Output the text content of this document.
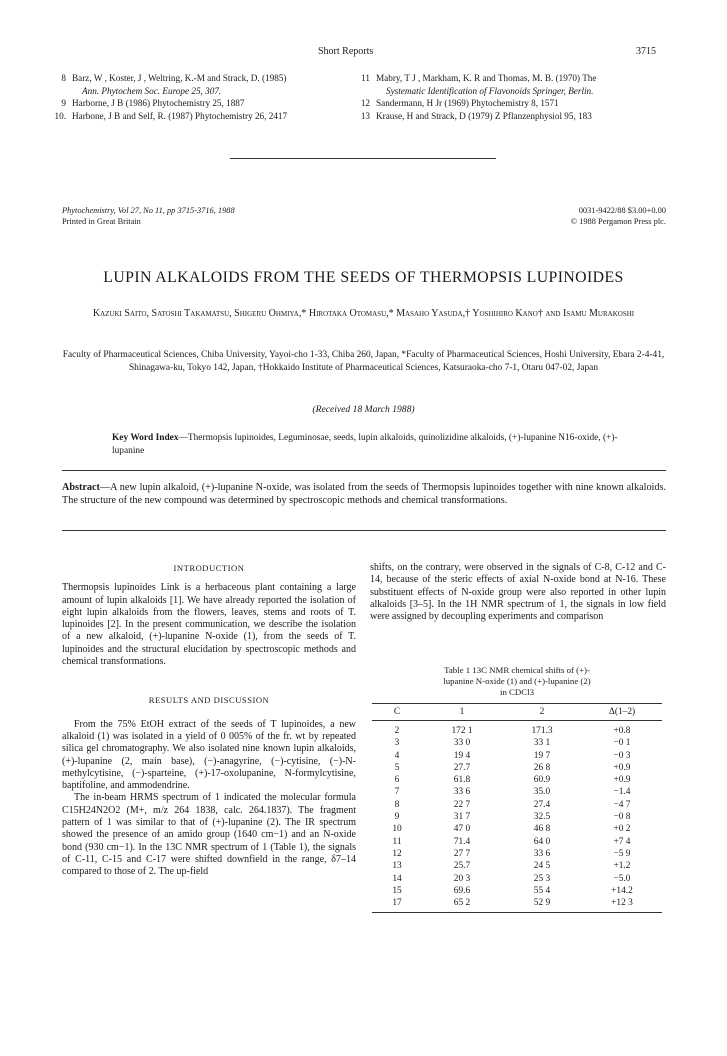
Short Reports	3715
8 Barz, W , Koster, J , Weltring, K.-M and Strack, D. (1985)
Ann. Phytochem Soc. Europe 25, 307.
9 Harborne, J B (1986) Phytochemistry 25, 1887
10. Harbone, J B and Self, R. (1987) Phytochemistry 26, 2417
11 Mabry, T J , Markham, K. R and Thomas, M. B. (1970) The
Systematic Identification of Flavonoids Springer, Berlin.
12 Sandermann, H Jr (1969) Phytochemistry 8, 1571
13 Krause, H and Strack, D (1979) Z Pflanzenphysiol 95, 183
Phytochemistry, Vol 27, No 11, pp 3715-3716, 1988
Printed in Great Britain
0031-9422/88 $3.00+0.00
© 1988 Pergamon Press plc.
LUPIN ALKALOIDS FROM THE SEEDS OF THERMOPSIS LUPINOIDES
Kazuki Saito, Satoshi Takamatsu, Shigeru Ohmiya,* Hirotaka Otomasu,* Masaho Yasuda,† Yoshihiro Kano† and Isamu Murakoshi
Faculty of Pharmaceutical Sciences, Chiba University, Yayoi-cho 1-33, Chiba 260, Japan, *Faculty of Pharmaceutical Sciences, Hoshi University, Ebara 2-4-41, Shinagawa-ku, Tokyo 142, Japan, †Hokkaido Institute of Pharmaceutical Sciences, Katsuraoka-cho 7-1, Otaru 047-02, Japan
(Received 18 March 1988)
Key Word Index—Thermopsis lupinoides, Leguminosae, seeds, lupin alkaloids, quinolizidine alkaloids, (+)-lupanine N16-oxide, (+)-lupanine
Abstract—A new lupin alkaloid, (+)-lupanine N-oxide, was isolated from the seeds of Thermopsis lupinoides together with nine known alkaloids. The structure of the new compound was determined by spectroscopic methods and chemical transformations.
INTRODUCTION

Thermopsis lupinoides Link is a herbaceous plant containing a large amount of lupin alkaloids [1]. We have already reported the isolation of eight lupin alkaloids from the flowers, leaves, stems and roots of T. lupinoides [2]. In the present communication, we describe the isolation of a new alkaloid, (+)-lupanine N-oxide (1), from the seeds of T. lupinoides and the structural elucidation by spectroscopic methods and chemical transformations.

RESULTS AND DISCUSSION

From the 75% EtOH extract of the seeds of T lupinoides, a new alkaloid (1) was isolated in a yield of 0 005% of the fr. wt by repeated silica gel chromatography. We also isolated nine known lupin alkaloids, (+)-lupanine (2, main base), (−)-anagyrine, (−)-cytisine, (−)-N-methylcytisine, (−)-sparteine, (+)-17-oxolupanine, N-formylcytisine, baptifoline, and ammodendrine.

The in-beam HRMS spectrum of 1 indicated the molecular formula C15H24N2O2 (M+, m/z 264 1838, calc. 264.1837). The fragment pattern of 1 was similar to that of (+)-lupanine (2). The IR spectrum showed the presence of an amido group (1640 cm−1) and an N-oxide bond (930 cm−1). In the 13C NMR spectrum of 1 (Table 1), the signals of C-11, C-15 and C-17 were shifted downfield in the range, δ7–14 compared to those of 2. The up-field

shifts, on the contrary, were observed in the signals of C-8, C-12 and C-14, because of the steric effects of axial N-oxide bond at N-16. These substituent effects of N-oxide group were also reported in other lupin alkaloids [3–5]. In the 1H NMR spectrum of 1, the signals in low field were assigned by decoupling experiments and comparison

Table 1 13C NMR chemical shifts of (+)-
lupanine N-oxide (1) and (+)-lupanine (2)
in CDCl3
C	1	2	Δ(1–2)
2	172 1	171.3	+0.8
3	33 0	33 1	−0 1
4	19 4	19 7	−0 3
5	27.7	26 8	+0.9
6	61.8	60.9	+0.9
7	33 6	35.0	−1.4
8	22 7	27.4	−4 7
9	31 7	32.5	−0 8
10	47 0	46 8	+0 2
11	71.4	64 0	+7 4
12	27 7	33 6	−5 9
13	25.7	24 5	+1.2
14	20 3	25 3	−5.0
15	69.6	55 4	+14.2
17	65 2	52 9	+12 3
